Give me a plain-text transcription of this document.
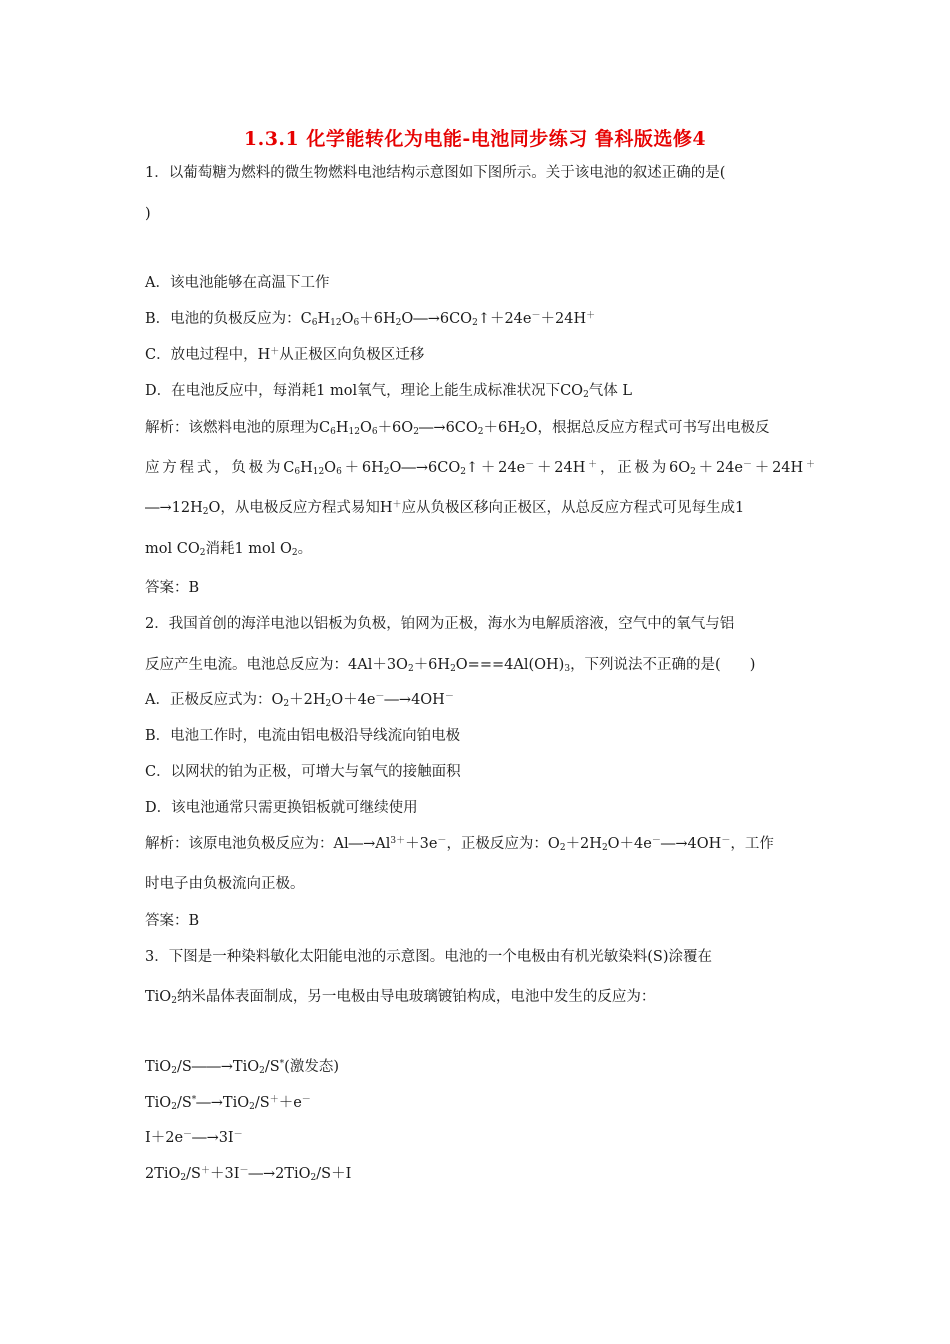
1.3.1 化学能转化为电能-电池同步练习 鲁科版选修4
1．以葡萄糖为燃料的微生物燃料电池结构示意图如下图所示。关于该电池的叙述正确的是(
)
A．该电池能够在高温下工作
B．电池的负极反应为：$C_6H_{12}O_6+6H_2O―\to 6CO_2↑+24e^-+24H^+$
C．放电过程中，H＋从正极区向负极区迁移
D．在电池反应中，每消耗1 mol氧气，理论上能生成标准状况下$CO_2$气体 L
解析：该燃料电池的原理为$C_6H_{12}O_6+6O_2―\to 6CO_2+6H_2O$，根据总反应方程式可书写出电极反
应方程式，负极为$C_6H_{12}O_6+6H_2O―\to 6CO_2↑+24e^-+24H^+$，正极为$6O_2+24e^-+24H^+$
$―\to 12H_2O$，从电极反应方程式易知H＋应从负极区移向正极区，从总反应方程式可见每生成1
mol $CO_2$消耗1 mol $O_2$。
答案：B
2．我国首创的海洋电池以铝板为负极，铂网为正极，海水为电解质溶液，空气中的氧气与铝
反应产生电流。电池总反应为：$4Al+3O_2+6H_2O===4Al(OH)_3$，下列说法不正确的是(　　)
A．正极反应式为：$O_2+2H_2O+4e^-―\to 4OH^-$
B．电池工作时，电流由铝电极沿导线流向铂电极
C．以网状的铂为正极，可增大与氧气的接触面积
D．该电池通常只需更换铝板就可继续使用
解析：该原电池负极反应为：$Al―\to Al^{3+}+3e^-$，正极反应为：$O_2+2H_2O+4e^-―\to 4OH^-$，工作
时电子由负极流向正极。
答案：B
3．下图是一种染料敏化太阳能电池的示意图。电池的一个电极由有机光敏染料(S)涂覆在
TiO$_2$纳米晶体表面制成，另一电极由导电玻璃镀铂构成，电池中发生的反应为：
TiO$_2$/S――→TiO$_2$/S*(激发态)
TiO$_2$/S*―→TiO$_2$/S＋＋e－
I＋2e－―→3I－
2TiO$_2$/S＋＋3I－―→2TiO$_2$/S＋I
